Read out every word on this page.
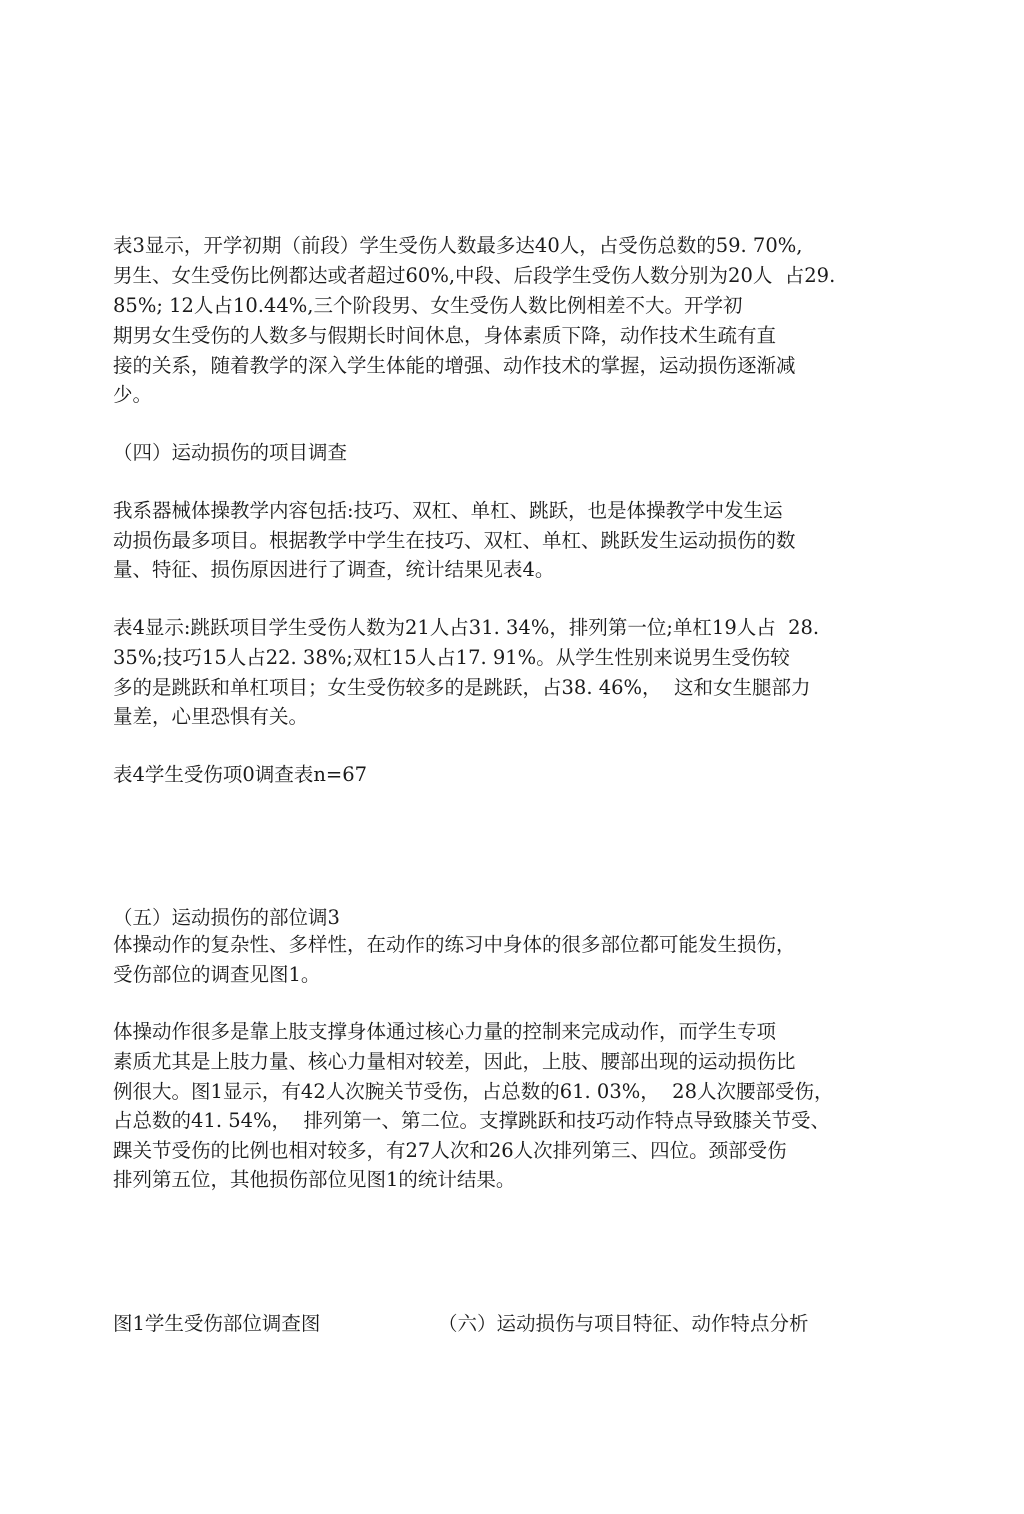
表3显示，开学初期（前段）学生受伤人数最多达40人，占受伤总数的59. 70%,
男生、女生受伤比例都达或者超过60%,中段、后段学生受伤人数分别为20人  占29.
85%; 12人占10.44%,三个阶段男、女生受伤人数比例相差不大。开学初
期男女生受伤的人数多与假期长时间休息，身体素质下降，动作技术生疏有直
接的关系，随着教学的深入学生体能的增强、动作技术的掌握，运动损伤逐渐减
少。
（四）运动损伤的项目调查
我系器械体操教学内容包括:技巧、双杠、单杠、跳跃，也是体操教学中发生运
动损伤最多项目。根据教学中学生在技巧、双杠、单杠、跳跃发生运动损伤的数
量、特征、损伤原因进行了调查，统计结果见表4。
表4显示:跳跃项目学生受伤人数为21人占31. 34%，排列第一位;单杠19人占  28.
35%;技巧15人占22. 38%;双杠15人占17. 91%。从学生性别来说男生受伤较
多的是跳跃和单杠项目；女生受伤较多的是跳跃，占38. 46%，  这和女生腿部力
量差，心里恐惧有关。
表4学生受伤项0调查表n=67
（五）运动损伤的部位调3
体操动作的复杂性、多样性，在动作的练习中身体的很多部位都可能发生损伤，
受伤部位的调查见图1。
体操动作很多是靠上肢支撑身体通过核心力量的控制来完成动作，而学生专项
素质尤其是上肢力量、核心力量相对较差，因此，上肢、腰部出现的运动损伤比
例很大。图1显示，有42人次腕关节受伤，占总数的61. 03%，  28人次腰部受伤，
占总数的41. 54%，  排列第一、第二位。支撑跳跃和技巧动作特点导致膝关节受、
踝关节受伤的比例也相对较多，有27人次和26人次排列第三、四位。颈部受伤
排列第五位，其他损伤部位见图1的统计结果。
图1学生受伤部位调查图	（六）运动损伤与项目特征、动作特点分析
